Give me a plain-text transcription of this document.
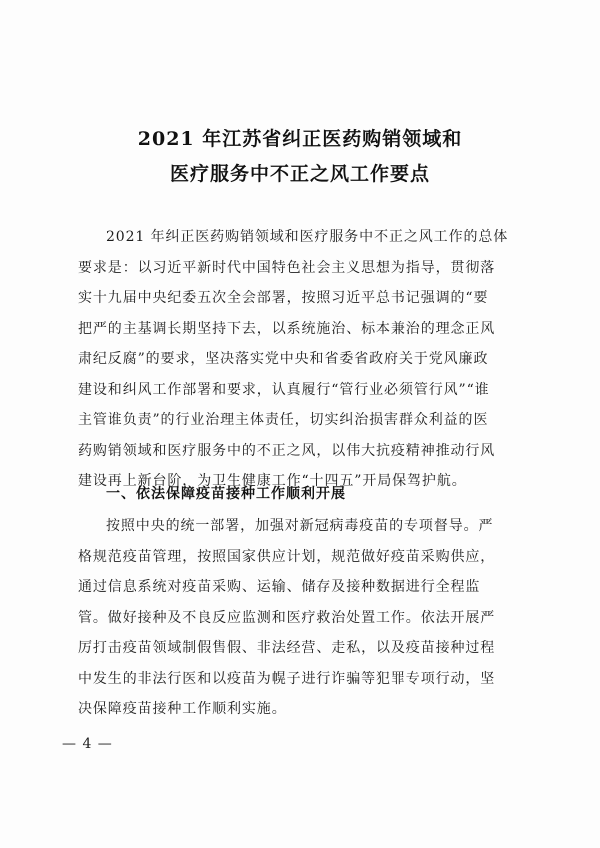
2021 年江苏省纠正医药购销领域和
医疗服务中不正之风工作要点
2021 年纠正医药购销领域和医疗服务中不正之风工作的总体
要求是：以习近平新时代中国特色社会主义思想为指导，贯彻落
实十九届中央纪委五次全会部署，按照习近平总书记强调的“要
把严的主基调长期坚持下去，以系统施治、标本兼治的理念正风
肃纪反腐”的要求，坚决落实党中央和省委省政府关于党风廉政
建设和纠风工作部署和要求，认真履行“管行业必须管行风”“谁
主管谁负责”的行业治理主体责任，切实纠治损害群众利益的医
药购销领域和医疗服务中的不正之风，以伟大抗疫精神推动行风
建设再上新台阶，为卫生健康工作“十四五”开局保驾护航。
一、依法保障疫苗接种工作顺利开展
按照中央的统一部署，加强对新冠病毒疫苗的专项督导。严
格规范疫苗管理，按照国家供应计划，规范做好疫苗采购供应，
通过信息系统对疫苗采购、运输、储存及接种数据进行全程监
管。做好接种及不良反应监测和医疗救治处置工作。依法开展严
厉打击疫苗领域制假售假、非法经营、走私，以及疫苗接种过程
中发生的非法行医和以疫苗为幌子进行诈骗等犯罪专项行动，坚
决保障疫苗接种工作顺利实施。
— 4 —
